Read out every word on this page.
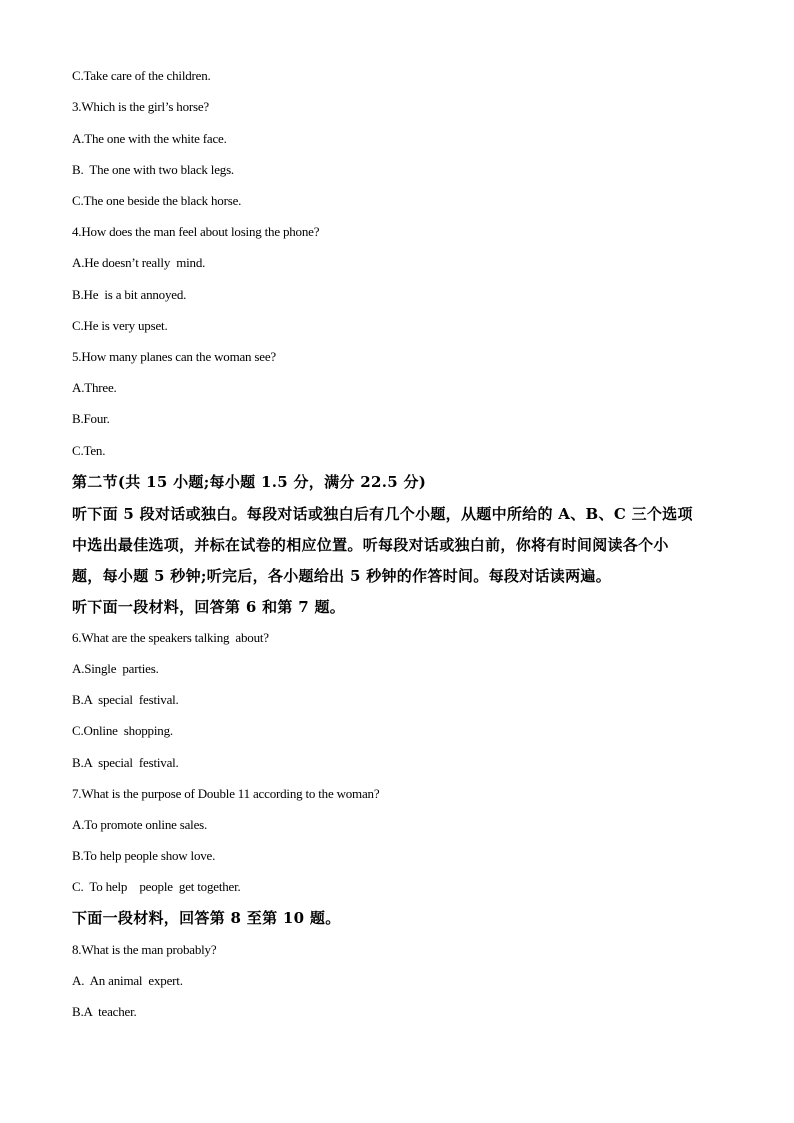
C.Take care of the children.
3.Which is the girl’s horse?
A.The one with the white face.
B.  The one with two black legs.
C.The one beside the black horse.
4.How does the man feel about losing the phone?
A.He doesn’t really  mind.
B.He  is a bit annoyed.
C.He is very upset.
5.How many planes can the woman see?
A.Three.
B.Four.
C.Ten.
第二节(共 15 小题;每小题 1.5 分，满分 22.5 分)
听下面 5 段对话或独白。每段对话或独白后有几个小题，从题中所给的 A、B、C 三个选项
中选出最佳选项，并标在试卷的相应位置。听每段对话或独白前，你将有时间阅读各个小
题，每小题 5 秒钟;听完后，各小题给出 5 秒钟的作答时间。每段对话读两遍。
听下面一段材料，回答第 6 和第 7 题。
6.What are the speakers talking  about?
A.Single  parties.
B.A  special  festival.
C.Online  shopping.
B.A  special  festival.
7.What is the purpose of Double 11 according to the woman?
A.To promote online sales.
B.To help people show love.
C.  To help    people  get together.
下面一段材料，回答第 8 至第 10 题。
8.What is the man probably?
A.  An animal  expert.
B.A  teacher.
